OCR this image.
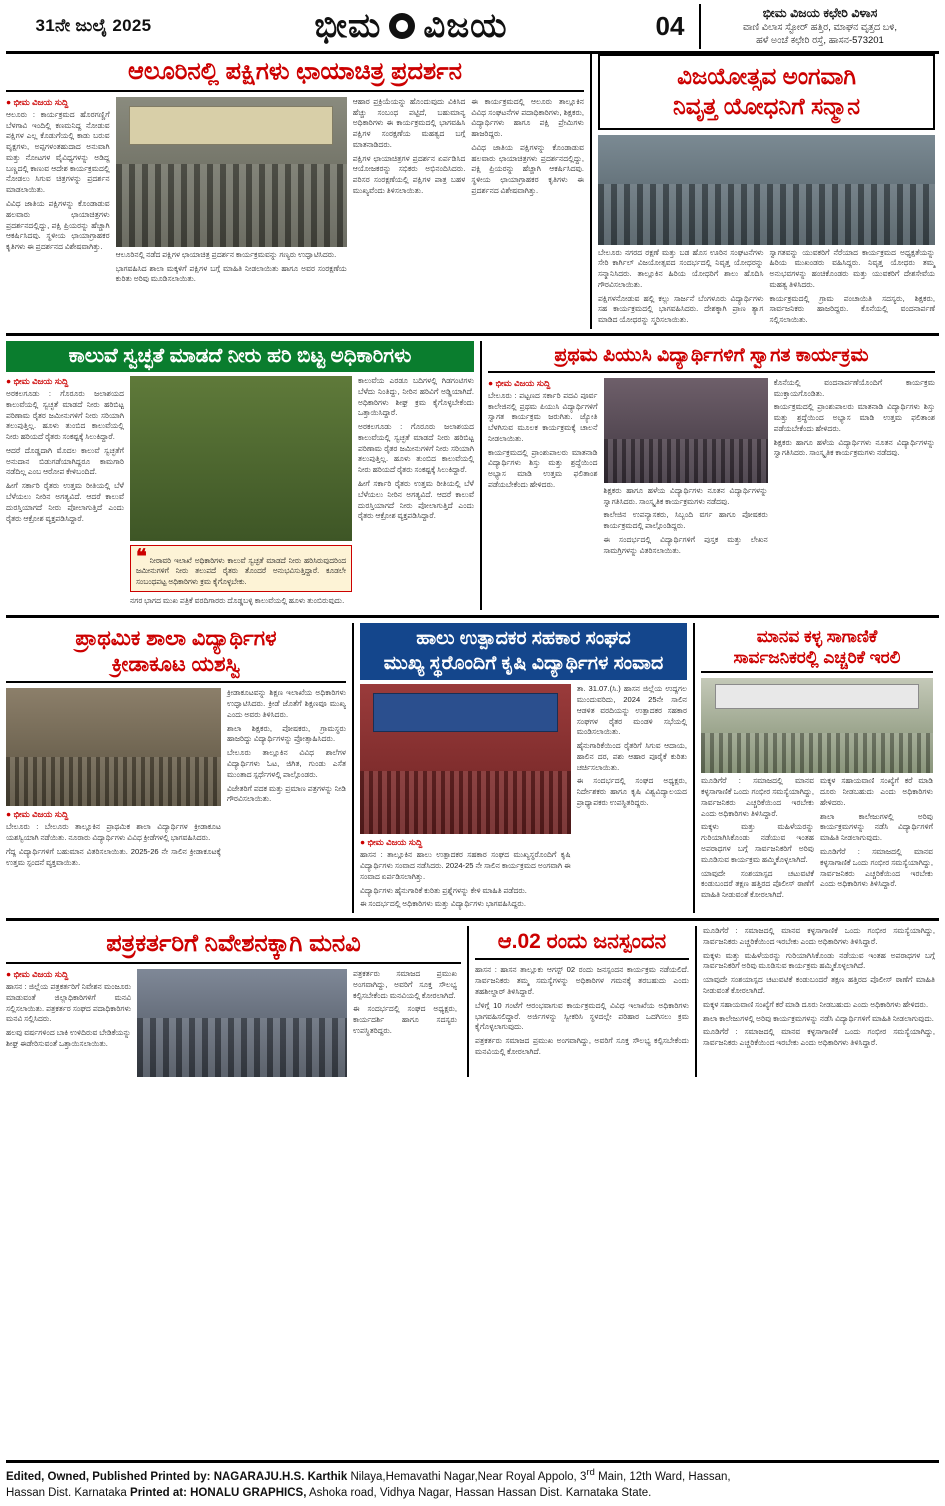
31ನೇ ಜುಲೈ 2025	ಭೀಮ ವಿಜಯ	04	ಭೀಮ ವಿಜಯ ಕಛೇರಿ ವಿಳಾಸ
ವಾಣಿ ವಿಲಾಸ ಸ್ಟೋರ್ ಹತ್ತಿರ, ಮಾಘನ ವೃತ್ತದ ಬಳಿ,
ಹಳೆ ಅಂಚೆ ಕಛೇರಿ ರಸ್ತೆ, ಹಾಸನ-573201
ಆಲೂರಿನಲ್ಲಿ ಪಕ್ಷಿಗಳು ಛಾಯಾಚಿತ್ರ ಪ್ರದರ್ಶನ
● ಭೀಮ ವಿಜಯ ಸುದ್ದಿ

ಆಲೂರು : ಕಾರ್ಯಕ್ರಮದ ಹೊರಗಣ್ಣಿಗೆ ಬೆಳಗಾವಿ ಇಂದಿಲ್ಲಿ ಕಣಮನಿದ್ದ ನೋಡುವ ಪಕ್ಷಿಗಳ ಎಲ್ಲ ಕೊಡುಗೆಯಲ್ಲಿ ಕಾಡು ಬರುವ ವೃಕ್ಷಗಳು, ಅಪ್ಪಗಳಂತಹುದಾದ ಅನುವಾಗಿ ಮತ್ತು ನೋಟಗಳ ವೈವಿಧ್ಯಗಳನ್ನು ಅಡಿದ್ದ ಬಣ್ಣದಲ್ಲಿ ಕಾಣುವ ಆದೇಶ ಕಾರ್ಯಕ್ರಮದಲ್ಲಿ ನೋಡಲು ಸಿಗುವ ಚಿತ್ರಗಳನ್ನು ಪ್ರದರ್ಶನ ಮಾಡಲಾಯಿತು.

ವಿವಿಧ ಜಾತಿಯ ಪಕ್ಷಿಗಳನ್ನು ಕೊಂಡಾಡುವ ಹಲವಾರು ಛಾಯಾಚಿತ್ರಗಳು ಪ್ರದರ್ಶನದಲ್ಲಿದ್ದು, ಪಕ್ಷಿ ಪ್ರಿಯರನ್ನು ಹೆಚ್ಚಾಗಿ ಆಕರ್ಷಿಸಿದವು. ಸ್ಥಳೀಯ ಛಾಯಾಗ್ರಾಹಕರ ಕೃತಿಗಳು ಈ ಪ್ರದರ್ಶನದ ವಿಶೇಷವಾಗಿತ್ತು.

ಆಲೂರಿನಲ್ಲಿ ನಡೆದ ಪಕ್ಷಿಗಳ ಛಾಯಾಚಿತ್ರ ಪ್ರದರ್ಶನ ಕಾರ್ಯಕ್ರಮವನ್ನು ಗಣ್ಯರು ಉದ್ಘಾಟಿಸಿದರು.

ಭಾಗವಹಿಸಿದ ಶಾಲಾ ಮಕ್ಕಳಿಗೆ ಪಕ್ಷಿಗಳ ಬಗ್ಗೆ ಮಾಹಿತಿ ನೀಡಲಾಯಿತು ಹಾಗೂ ಅವರ ಸಂರಕ್ಷಣೆಯ ಕುರಿತು ಅರಿವು ಮೂಡಿಸಲಾಯಿತು.

ಆಹಾರ ಪ್ರಕ್ರಿಯೆಯನ್ನು ಹೊಂದುವುದು ವಿಕಿಸಿದ ಹೆಚ್ಚು ಸಂಬಂಧ ಪಟ್ಟಿದೆ, ಬಹುಮಾನ್ಯ ಅಧಿಕಾರಿಗಳು ಈ ಕಾರ್ಯಕ್ರಮದಲ್ಲಿ ಭಾಗವಹಿಸಿ ಪಕ್ಷಿಗಳ ಸಂರಕ್ಷಣೆಯ ಮಹತ್ವದ ಬಗ್ಗೆ ಮಾತನಾಡಿದರು.

ಪಕ್ಷಿಗಳ ಛಾಯಾಚಿತ್ರಗಳ ಪ್ರದರ್ಶನ ಏರ್ಪಡಿಸಿದ ಆಯೋಜಕರನ್ನು ಸಭಿಕರು ಅಭಿನಂದಿಸಿದರು. ಪರಿಸರ ಸಂರಕ್ಷಣೆಯಲ್ಲಿ ಪಕ್ಷಿಗಳ ಪಾತ್ರ ಬಹಳ ಮುಖ್ಯವೆಂದು ತಿಳಿಸಲಾಯಿತು.

ಈ ಕಾರ್ಯಕ್ರಮದಲ್ಲಿ ಆಲೂರು ತಾಲ್ಲೂಕಿನ ವಿವಿಧ ಸಂಘಟನೆಗಳ ಪದಾಧಿಕಾರಿಗಳು, ಶಿಕ್ಷಕರು, ವಿದ್ಯಾರ್ಥಿಗಳು ಹಾಗೂ ಪಕ್ಷಿ ಪ್ರೇಮಿಗಳು ಹಾಜರಿದ್ದರು.

ವಿವಿಧ ಜಾತಿಯ ಪಕ್ಷಿಗಳನ್ನು ಕೊಂಡಾಡುವ ಹಲವಾರು ಛಾಯಾಚಿತ್ರಗಳು ಪ್ರದರ್ಶನದಲ್ಲಿದ್ದು, ಪಕ್ಷಿ ಪ್ರಿಯರನ್ನು ಹೆಚ್ಚಾಗಿ ಆಕರ್ಷಿಸಿದವು. ಸ್ಥಳೀಯ ಛಾಯಾಗ್ರಾಹಕರ ಕೃತಿಗಳು ಈ ಪ್ರದರ್ಶನದ ವಿಶೇಷವಾಗಿತ್ತು.

ವಿಜಯೋತ್ಸವ ಅಂಗವಾಗಿ
ನಿವೃತ್ತ ಯೋಧನಿಗೆ ಸನ್ಮಾನ

ಬೇಲೂರು ನಗರದ ರಕ್ಷಣೆ ಮತ್ತು ಬಡ ಹೊಸ ಊರಿನ ಸಂಘಟನೆಗಳು ಸೇರಿ ಕಾರ್ಗಿಲ್ ವಿಜಯೋತ್ಸವದ ಸಂದರ್ಭದಲ್ಲಿ ನಿವೃತ್ತ ಯೋಧರನ್ನು ಸನ್ಮಾನಿಸಿದರು. ತಾಲ್ಲೂಕಿನ ಹಿರಿಯ ಯೋಧರಿಗೆ ಶಾಲು ಹೊದಿಸಿ ಗೌರವಿಸಲಾಯಿತು.

ಪಕ್ಷಿಗಳನೋಡುವ ಹಲ್ಲಿ ಕಲ್ಲು ಸಾರ್ಜನೆ ಬೆಂಗಳೂರು ವಿದ್ಯಾರ್ಥಿಗಳು ಸಹ ಕಾರ್ಯಕ್ರಮದಲ್ಲಿ ಭಾಗವಹಿಸಿದರು. ದೇಶಕ್ಕಾಗಿ ಪ್ರಾಣ ತ್ಯಾಗ ಮಾಡಿದ ಯೋಧರನ್ನು ಸ್ಮರಿಸಲಾಯಿತು.

ಸ್ವಾಗತವನ್ನು ಯುವಕರಿಗೆ ನೆರೆಯಾದ ಕಾರ್ಯಕ್ರಮದ ಅಧ್ಯಕ್ಷತೆಯನ್ನು ಹಿರಿಯ ಮುಖಂಡರು ವಹಿಸಿದ್ದರು. ನಿವೃತ್ತ ಯೋಧರು ತಮ್ಮ ಅನುಭವಗಳನ್ನು ಹಂಚಿಕೊಂಡರು ಮತ್ತು ಯುವಕರಿಗೆ ದೇಶಸೇವೆಯ ಮಹತ್ವ ತಿಳಿಸಿದರು.

ಕಾರ್ಯಕ್ರಮದಲ್ಲಿ ಗ್ರಾಮ ಪಂಚಾಯಿತಿ ಸದಸ್ಯರು, ಶಿಕ್ಷಕರು, ಸಾರ್ವಜನಿಕರು ಹಾಜರಿದ್ದರು. ಕೊನೆಯಲ್ಲಿ ವಂದನಾರ್ಪಣೆ ಸಲ್ಲಿಸಲಾಯಿತು.

ಕಾಲುವೆ ಸ್ವಚ್ಛತೆ ಮಾಡದೆ ನೀರು ಹರಿ ಬಿಟ್ಟ ಅಧಿಕಾರಿಗಳು
● ಭೀಮ ವಿಜಯ ಸುದ್ದಿ

ಅರಕಲಗೂಡು : ಗೊರೂರು ಜಲಾಶಯದ ಕಾಲುವೆಯಲ್ಲಿ ಸ್ವಚ್ಛತೆ ಮಾಡದೆ ನೀರು ಹರಿಬಿಟ್ಟ ಪರಿಣಾಮ ರೈತರ ಜಮೀನುಗಳಿಗೆ ನೀರು ಸರಿಯಾಗಿ ತಲುಪುತ್ತಿಲ್ಲ. ಹೂಳು ತುಂಬಿದ ಕಾಲುವೆಯಲ್ಲಿ ನೀರು ಹರಿಯದೆ ರೈತರು ಸಂಕಷ್ಟಕ್ಕೆ ಸಿಲುಕಿದ್ದಾರೆ.

ಆದರೆ ದೊಡ್ಡದಾಗಿ ಮೊದಲ ಕಾಲುವೆ ಸ್ವಚ್ಛತೆಗೆ ಅನುದಾನ ಬಿಡುಗಡೆಯಾಗಿದ್ದರೂ ಕಾಮಗಾರಿ ನಡೆದಿಲ್ಲ ಎಂಬ ಆರೋಪ ಕೇಳಿಬಂದಿದೆ.

ಹೀಗೆ ಸರ್ಕಾರಿ ರೈತರು ಉತ್ತಮ ರೀತಿಯಲ್ಲಿ ಬೆಳೆ ಬೆಳೆಯಲು ನೀರಿನ ಅಗತ್ಯವಿದೆ. ಆದರೆ ಕಾಲುವೆ ದುರಸ್ತಿಯಾಗದೆ ನೀರು ಪೋಲಾಗುತ್ತಿದೆ ಎಂದು ರೈತರು ಆಕ್ರೋಶ ವ್ಯಕ್ತಪಡಿಸಿದ್ದಾರೆ.

❝ ನೀರಾವರಿ ಇಲಾಖೆ ಅಧಿಕಾರಿಗಳು ಕಾಲುವೆ ಸ್ವಚ್ಛತೆ ಮಾಡದೆ ನೀರು ಹರಿಸಿರುವುದರಿಂದ ಜಮೀನುಗಳಿಗೆ ನೀರು ತಲುಪದೆ ರೈತರು ತೊಂದರೆ ಅನುಭವಿಸುತ್ತಿದ್ದಾರೆ. ಕೂಡಲೇ ಸಂಬಂಧಪಟ್ಟ ಅಧಿಕಾರಿಗಳು ಕ್ರಮ ಕೈಗೊಳ್ಳಬೇಕು.

ನಗರ ಭಾಗದ ಮುಖ ಪತ್ರಿಕೆ ವರದಿಗಾರರು ದೊಡ್ಡಬಳ್ಳಿ ಕಾಲುವೆಯಲ್ಲಿ ಹೂಳು ತುಂಬಿರುವುದು.

ಕಾಲುವೆಯ ಎರಡೂ ಬದಿಗಳಲ್ಲಿ ಗಿಡಗಂಟಿಗಳು ಬೆಳೆದು ನಿಂತಿದ್ದು, ನೀರಿನ ಹರಿವಿಗೆ ಅಡ್ಡಿಯಾಗಿದೆ. ಅಧಿಕಾರಿಗಳು ಶೀಘ್ರ ಕ್ರಮ ಕೈಗೊಳ್ಳಬೇಕೆಂದು ಒತ್ತಾಯಿಸಿದ್ದಾರೆ.

ಅರಕಲಗೂಡು : ಗೊರೂರು ಜಲಾಶಯದ ಕಾಲುವೆಯಲ್ಲಿ ಸ್ವಚ್ಛತೆ ಮಾಡದೆ ನೀರು ಹರಿಬಿಟ್ಟ ಪರಿಣಾಮ ರೈತರ ಜಮೀನುಗಳಿಗೆ ನೀರು ಸರಿಯಾಗಿ ತಲುಪುತ್ತಿಲ್ಲ. ಹೂಳು ತುಂಬಿದ ಕಾಲುವೆಯಲ್ಲಿ ನೀರು ಹರಿಯದೆ ರೈತರು ಸಂಕಷ್ಟಕ್ಕೆ ಸಿಲುಕಿದ್ದಾರೆ.

ಹೀಗೆ ಸರ್ಕಾರಿ ರೈತರು ಉತ್ತಮ ರೀತಿಯಲ್ಲಿ ಬೆಳೆ ಬೆಳೆಯಲು ನೀರಿನ ಅಗತ್ಯವಿದೆ. ಆದರೆ ಕಾಲುವೆ ದುರಸ್ತಿಯಾಗದೆ ನೀರು ಪೋಲಾಗುತ್ತಿದೆ ಎಂದು ರೈತರು ಆಕ್ರೋಶ ವ್ಯಕ್ತಪಡಿಸಿದ್ದಾರೆ.

ಪ್ರಥಮ ಪಿಯುಸಿ ವಿದ್ಯಾರ್ಥಿಗಳಿಗೆ ಸ್ವಾಗತ ಕಾರ್ಯಕ್ರಮ
● ಭೀಮ ವಿಜಯ ಸುದ್ದಿ

ಬೇಲೂರು : ಪಟ್ಟಣದ ಸರ್ಕಾರಿ ಪದವಿ ಪೂರ್ವ ಕಾಲೇಜಿನಲ್ಲಿ ಪ್ರಥಮ ಪಿಯುಸಿ ವಿದ್ಯಾರ್ಥಿಗಳಿಗೆ ಸ್ವಾಗತ ಕಾರ್ಯಕ್ರಮ ಜರುಗಿತು. ಜ್ಯೋತಿ ಬೆಳಗಿಸುವ ಮೂಲಕ ಕಾರ್ಯಕ್ರಮಕ್ಕೆ ಚಾಲನೆ ನೀಡಲಾಯಿತು.

ಕಾರ್ಯಕ್ರಮದಲ್ಲಿ ಪ್ರಾಂಶುಪಾಲರು ಮಾತನಾಡಿ ವಿದ್ಯಾರ್ಥಿಗಳು ಶಿಸ್ತು ಮತ್ತು ಶ್ರದ್ಧೆಯಿಂದ ಅಭ್ಯಾಸ ಮಾಡಿ ಉತ್ತಮ ಫಲಿತಾಂಶ ಪಡೆಯಬೇಕೆಂದು ಹೇಳಿದರು.

ಶಿಕ್ಷಕರು ಹಾಗೂ ಹಳೆಯ ವಿದ್ಯಾರ್ಥಿಗಳು ನೂತನ ವಿದ್ಯಾರ್ಥಿಗಳನ್ನು ಸ್ವಾಗತಿಸಿದರು. ಸಾಂಸ್ಕೃತಿಕ ಕಾರ್ಯಕ್ರಮಗಳು ನಡೆದವು.

ಕಾಲೇಜಿನ ಉಪನ್ಯಾಸಕರು, ಸಿಬ್ಬಂದಿ ವರ್ಗ ಹಾಗೂ ಪೋಷಕರು ಕಾರ್ಯಕ್ರಮದಲ್ಲಿ ಪಾಲ್ಗೊಂಡಿದ್ದರು.

ಈ ಸಂದರ್ಭದಲ್ಲಿ ವಿದ್ಯಾರ್ಥಿಗಳಿಗೆ ಪುಸ್ತಕ ಮತ್ತು ಲೇಖನ ಸಾಮಗ್ರಿಗಳನ್ನು ವಿತರಿಸಲಾಯಿತು.

ಕೊನೆಯಲ್ಲಿ ವಂದನಾರ್ಪಣೆಯೊಂದಿಗೆ ಕಾರ್ಯಕ್ರಮ ಮುಕ್ತಾಯಗೊಂಡಿತು.

ಕಾರ್ಯಕ್ರಮದಲ್ಲಿ ಪ್ರಾಂಶುಪಾಲರು ಮಾತನಾಡಿ ವಿದ್ಯಾರ್ಥಿಗಳು ಶಿಸ್ತು ಮತ್ತು ಶ್ರದ್ಧೆಯಿಂದ ಅಭ್ಯಾಸ ಮಾಡಿ ಉತ್ತಮ ಫಲಿತಾಂಶ ಪಡೆಯಬೇಕೆಂದು ಹೇಳಿದರು.

ಶಿಕ್ಷಕರು ಹಾಗೂ ಹಳೆಯ ವಿದ್ಯಾರ್ಥಿಗಳು ನೂತನ ವಿದ್ಯಾರ್ಥಿಗಳನ್ನು ಸ್ವಾಗತಿಸಿದರು. ಸಾಂಸ್ಕೃತಿಕ ಕಾರ್ಯಕ್ರಮಗಳು ನಡೆದವು.

ಪ್ರಾಥಮಿಕ ಶಾಲಾ ವಿದ್ಯಾರ್ಥಿಗಳ
ಕ್ರೀಡಾಕೂಟ ಯಶಸ್ವಿ
● ಭೀಮ ವಿಜಯ ಸುದ್ದಿ

ಬೇಲೂರು : ಬೇಲೂರು ತಾಲ್ಲೂಕಿನ ಪ್ರಾಥಮಿಕ ಶಾಲಾ ವಿದ್ಯಾರ್ಥಿಗಳ ಕ್ರೀಡಾಕೂಟ ಯಶಸ್ವಿಯಾಗಿ ನಡೆಯಿತು. ನೂರಾರು ವಿದ್ಯಾರ್ಥಿಗಳು ವಿವಿಧ ಕ್ರೀಡೆಗಳಲ್ಲಿ ಭಾಗವಹಿಸಿದರು.

ಗೆದ್ದ ವಿದ್ಯಾರ್ಥಿಗಳಿಗೆ ಬಹುಮಾನ ವಿತರಿಸಲಾಯಿತು. 2025-26 ನೇ ಸಾಲಿನ ಕ್ರೀಡಾಕೂಟಕ್ಕೆ ಉತ್ತಮ ಸ್ಪಂದನೆ ವ್ಯಕ್ತವಾಯಿತು.

ಕ್ರೀಡಾಕೂಟವನ್ನು ಶಿಕ್ಷಣ ಇಲಾಖೆಯ ಅಧಿಕಾರಿಗಳು ಉದ್ಘಾಟಿಸಿದರು. ಕ್ರೀಡೆ ಜೊತೆಗೆ ಶಿಕ್ಷಣವೂ ಮುಖ್ಯ ಎಂದು ಅವರು ತಿಳಿಸಿದರು.

ಶಾಲಾ ಶಿಕ್ಷಕರು, ಪೋಷಕರು, ಗ್ರಾಮಸ್ಥರು ಹಾಜರಿದ್ದು ವಿದ್ಯಾರ್ಥಿಗಳನ್ನು ಪ್ರೋತ್ಸಾಹಿಸಿದರು.

ಬೇಲೂರು ತಾಲ್ಲೂಕಿನ ವಿವಿಧ ಶಾಲೆಗಳ ವಿದ್ಯಾರ್ಥಿಗಳು ಓಟ, ಜಿಗಿತ, ಗುಂಡು ಎಸೆತ ಮುಂತಾದ ಸ್ಪರ್ಧೆಗಳಲ್ಲಿ ಪಾಲ್ಗೊಂಡರು.

ವಿಜೇತರಿಗೆ ಪದಕ ಮತ್ತು ಪ್ರಮಾಣ ಪತ್ರಗಳನ್ನು ನೀಡಿ ಗೌರವಿಸಲಾಯಿತು.

ಹಾಲು ಉತ್ಪಾದಕರ ಸಹಕಾರ ಸಂಘದ
ಮುಖ್ಯ ಸ್ಥರೊಂದಿಗೆ ಕೃಷಿ ವಿದ್ಯಾರ್ಥಿಗಳ ಸಂವಾದ
● ಭೀಮ ವಿಜಯ ಸುದ್ದಿ

ಹಾಸನ : ತಾಲ್ಲೂಕಿನ ಹಾಲು ಉತ್ಪಾದಕರ ಸಹಕಾರ ಸಂಘದ ಮುಖ್ಯಸ್ಥರೊಂದಿಗೆ ಕೃಷಿ ವಿದ್ಯಾರ್ಥಿಗಳು ಸಂವಾದ ನಡೆಸಿದರು. 2024-25 ನೇ ಸಾಲಿನ ಕಾರ್ಯಕ್ರಮದ ಅಂಗವಾಗಿ ಈ ಸಂವಾದ ಏರ್ಪಡಿಸಲಾಗಿತ್ತು.

ವಿದ್ಯಾರ್ಥಿಗಳು ಹೈನುಗಾರಿಕೆ ಕುರಿತು ಪ್ರಶ್ನೆಗಳನ್ನು ಕೇಳಿ ಮಾಹಿತಿ ಪಡೆದರು.

ಈ ಸಂದರ್ಭದಲ್ಲಿ ಅಧಿಕಾರಿಗಳು ಮತ್ತು ವಿದ್ಯಾರ್ಥಿಗಳು ಭಾಗವಹಿಸಿದ್ದರು.

ತಾ. 31.07.(ಸಿ.) ಹಾಸನ ಜಿಲ್ಲೆಯ ಉದ್ದಗಲ ಮುಂದುವರಿದು, 2024 25ನೇ ಸಾಲಿನ ಆಡಳಿತ ವರದಿಯನ್ನು ಉತ್ಪಾದಕರ ಸಹಕಾರ ಸಂಘಗಳ ರೈತರ ಮಂಡಳಿ ಸಭೆಯಲ್ಲಿ ಮಂಡಿಸಲಾಯಿತು.

ಹೈನುಗಾರಿಕೆಯಿಂದ ರೈತರಿಗೆ ಸಿಗುವ ಆದಾಯ, ಹಾಲಿನ ದರ, ಪಶು ಆಹಾರ ಪೂರೈಕೆ ಕುರಿತು ಚರ್ಚಿಸಲಾಯಿತು.

ಈ ಸಂದರ್ಭದಲ್ಲಿ ಸಂಘದ ಅಧ್ಯಕ್ಷರು, ನಿರ್ದೇಶಕರು ಹಾಗೂ ಕೃಷಿ ವಿಶ್ವವಿದ್ಯಾಲಯದ ಪ್ರಾಧ್ಯಾಪಕರು ಉಪಸ್ಥಿತರಿದ್ದರು.

ಮಾನವ ಕಳ್ಳ ಸಾಗಾಣಿಕೆ
ಸಾರ್ವಜನಿಕರಲ್ಲಿ ಎಚ್ಚರಿಕೆ ಇರಲಿ

ಮೂಡಿಗೆರೆ : ಸಮಾಜದಲ್ಲಿ ಮಾನವ ಕಳ್ಳಸಾಗಾಣಿಕೆ ಒಂದು ಗಂಭೀರ ಸಮಸ್ಯೆಯಾಗಿದ್ದು, ಸಾರ್ವಜನಿಕರು ಎಚ್ಚರಿಕೆಯಿಂದ ಇರಬೇಕು ಎಂದು ಅಧಿಕಾರಿಗಳು ತಿಳಿಸಿದ್ದಾರೆ.

ಮಕ್ಕಳು ಮತ್ತು ಮಹಿಳೆಯರನ್ನು ಗುರಿಯಾಗಿಸಿಕೊಂಡು ನಡೆಯುವ ಇಂತಹ ಅಪರಾಧಗಳ ಬಗ್ಗೆ ಸಾರ್ವಜನಿಕರಿಗೆ ಅರಿವು ಮೂಡಿಸುವ ಕಾರ್ಯಕ್ರಮ ಹಮ್ಮಿಕೊಳ್ಳಲಾಗಿದೆ.

ಯಾವುದೇ ಸಂಶಯಾಸ್ಪದ ಚಟುವಟಿಕೆ ಕಂಡುಬಂದರೆ ತಕ್ಷಣ ಹತ್ತಿರದ ಪೊಲೀಸ್ ಠಾಣೆಗೆ ಮಾಹಿತಿ ನೀಡುವಂತೆ ಕೋರಲಾಗಿದೆ.

ಮಕ್ಕಳ ಸಹಾಯವಾಣಿ ಸಂಖ್ಯೆಗೆ ಕರೆ ಮಾಡಿ ದೂರು ನೀಡಬಹುದು ಎಂದು ಅಧಿಕಾರಿಗಳು ಹೇಳಿದರು.

ಶಾಲಾ ಕಾಲೇಜುಗಳಲ್ಲಿ ಅರಿವು ಕಾರ್ಯಕ್ರಮಗಳನ್ನು ನಡೆಸಿ ವಿದ್ಯಾರ್ಥಿಗಳಿಗೆ ಮಾಹಿತಿ ನೀಡಲಾಗುವುದು.

ಮೂಡಿಗೆರೆ : ಸಮಾಜದಲ್ಲಿ ಮಾನವ ಕಳ್ಳಸಾಗಾಣಿಕೆ ಒಂದು ಗಂಭೀರ ಸಮಸ್ಯೆಯಾಗಿದ್ದು, ಸಾರ್ವಜನಿಕರು ಎಚ್ಚರಿಕೆಯಿಂದ ಇರಬೇಕು ಎಂದು ಅಧಿಕಾರಿಗಳು ತಿಳಿಸಿದ್ದಾರೆ.

ಪತ್ರಕರ್ತರಿಗೆ ನಿವೇಶನಕ್ಕಾಗಿ ಮನವಿ
● ಭೀಮ ವಿಜಯ ಸುದ್ದಿ

ಹಾಸನ : ಜಿಲ್ಲೆಯ ಪತ್ರಕರ್ತರಿಗೆ ನಿವೇಶನ ಮಂಜೂರು ಮಾಡುವಂತೆ ಜಿಲ್ಲಾಧಿಕಾರಿಗಳಿಗೆ ಮನವಿ ಸಲ್ಲಿಸಲಾಯಿತು. ಪತ್ರಕರ್ತರ ಸಂಘದ ಪದಾಧಿಕಾರಿಗಳು ಮನವಿ ಸಲ್ಲಿಸಿದರು.

ಹಲವು ವರ್ಷಗಳಿಂದ ಬಾಕಿ ಉಳಿದಿರುವ ಬೇಡಿಕೆಯನ್ನು ಶೀಘ್ರ ಈಡೇರಿಸುವಂತೆ ಒತ್ತಾಯಿಸಲಾಯಿತು.

ಪತ್ರಕರ್ತರು ಸಮಾಜದ ಪ್ರಮುಖ ಅಂಗವಾಗಿದ್ದು, ಅವರಿಗೆ ಸೂಕ್ತ ಸೌಲಭ್ಯ ಕಲ್ಪಿಸಬೇಕೆಂದು ಮನವಿಯಲ್ಲಿ ಕೋರಲಾಗಿದೆ.

ಈ ಸಂದರ್ಭದಲ್ಲಿ ಸಂಘದ ಅಧ್ಯಕ್ಷರು, ಕಾರ್ಯದರ್ಶಿ ಹಾಗೂ ಸದಸ್ಯರು ಉಪಸ್ಥಿತರಿದ್ದರು.

ಆ.02 ರಂದು ಜನಸ್ಪಂದನ

ಹಾಸನ : ಹಾಸನ ತಾಲ್ಲೂಕು ಆಗಸ್ಟ್ 02 ರಂದು ಜನಸ್ಪಂದನ ಕಾರ್ಯಕ್ರಮ ನಡೆಯಲಿದೆ. ಸಾರ್ವಜನಿಕರು ತಮ್ಮ ಸಮಸ್ಯೆಗಳನ್ನು ಅಧಿಕಾರಿಗಳ ಗಮನಕ್ಕೆ ತರಬಹುದು ಎಂದು ತಹಶೀಲ್ದಾರ್ ತಿಳಿಸಿದ್ದಾರೆ.

ಬೆಳಿಗ್ಗೆ 10 ಗಂಟೆಗೆ ಆರಂಭವಾಗುವ ಕಾರ್ಯಕ್ರಮದಲ್ಲಿ ವಿವಿಧ ಇಲಾಖೆಯ ಅಧಿಕಾರಿಗಳು ಭಾಗವಹಿಸಲಿದ್ದಾರೆ. ಅರ್ಜಿಗಳನ್ನು ಸ್ವೀಕರಿಸಿ ಸ್ಥಳದಲ್ಲೇ ಪರಿಹಾರ ಒದಗಿಸಲು ಕ್ರಮ ಕೈಗೊಳ್ಳಲಾಗುವುದು.

ಪತ್ರಕರ್ತರು ಸಮಾಜದ ಪ್ರಮುಖ ಅಂಗವಾಗಿದ್ದು, ಅವರಿಗೆ ಸೂಕ್ತ ಸೌಲಭ್ಯ ಕಲ್ಪಿಸಬೇಕೆಂದು ಮನವಿಯಲ್ಲಿ ಕೋರಲಾಗಿದೆ.

ಮೂಡಿಗೆರೆ : ಸಮಾಜದಲ್ಲಿ ಮಾನವ ಕಳ್ಳಸಾಗಾಣಿಕೆ ಒಂದು ಗಂಭೀರ ಸಮಸ್ಯೆಯಾಗಿದ್ದು, ಸಾರ್ವಜನಿಕರು ಎಚ್ಚರಿಕೆಯಿಂದ ಇರಬೇಕು ಎಂದು ಅಧಿಕಾರಿಗಳು ತಿಳಿಸಿದ್ದಾರೆ.

ಮಕ್ಕಳು ಮತ್ತು ಮಹಿಳೆಯರನ್ನು ಗುರಿಯಾಗಿಸಿಕೊಂಡು ನಡೆಯುವ ಇಂತಹ ಅಪರಾಧಗಳ ಬಗ್ಗೆ ಸಾರ್ವಜನಿಕರಿಗೆ ಅರಿವು ಮೂಡಿಸುವ ಕಾರ್ಯಕ್ರಮ ಹಮ್ಮಿಕೊಳ್ಳಲಾಗಿದೆ.

ಯಾವುದೇ ಸಂಶಯಾಸ್ಪದ ಚಟುವಟಿಕೆ ಕಂಡುಬಂದರೆ ತಕ್ಷಣ ಹತ್ತಿರದ ಪೊಲೀಸ್ ಠಾಣೆಗೆ ಮಾಹಿತಿ ನೀಡುವಂತೆ ಕೋರಲಾಗಿದೆ.

ಮಕ್ಕಳ ಸಹಾಯವಾಣಿ ಸಂಖ್ಯೆಗೆ ಕರೆ ಮಾಡಿ ದೂರು ನೀಡಬಹುದು ಎಂದು ಅಧಿಕಾರಿಗಳು ಹೇಳಿದರು.

ಶಾಲಾ ಕಾಲೇಜುಗಳಲ್ಲಿ ಅರಿವು ಕಾರ್ಯಕ್ರಮಗಳನ್ನು ನಡೆಸಿ ವಿದ್ಯಾರ್ಥಿಗಳಿಗೆ ಮಾಹಿತಿ ನೀಡಲಾಗುವುದು.

ಮೂಡಿಗೆರೆ : ಸಮಾಜದಲ್ಲಿ ಮಾನವ ಕಳ್ಳಸಾಗಾಣಿಕೆ ಒಂದು ಗಂಭೀರ ಸಮಸ್ಯೆಯಾಗಿದ್ದು, ಸಾರ್ವಜನಿಕರು ಎಚ್ಚರಿಕೆಯಿಂದ ಇರಬೇಕು ಎಂದು ಅಧಿಕಾರಿಗಳು ತಿಳಿಸಿದ್ದಾರೆ.

Edited, Owned, Published Printed by: NAGARAJU.H.S. Karthik Nilaya,Hemavathi Nagar,Near Royal Appolo, 3rd Main, 12th Ward, Hassan,
Hassan Dist. Karnataka Printed at: HONALU GRAPHICS, Ashoka road, Vidhya Nagar, Hassan Hassan Dist. Karnataka State.
